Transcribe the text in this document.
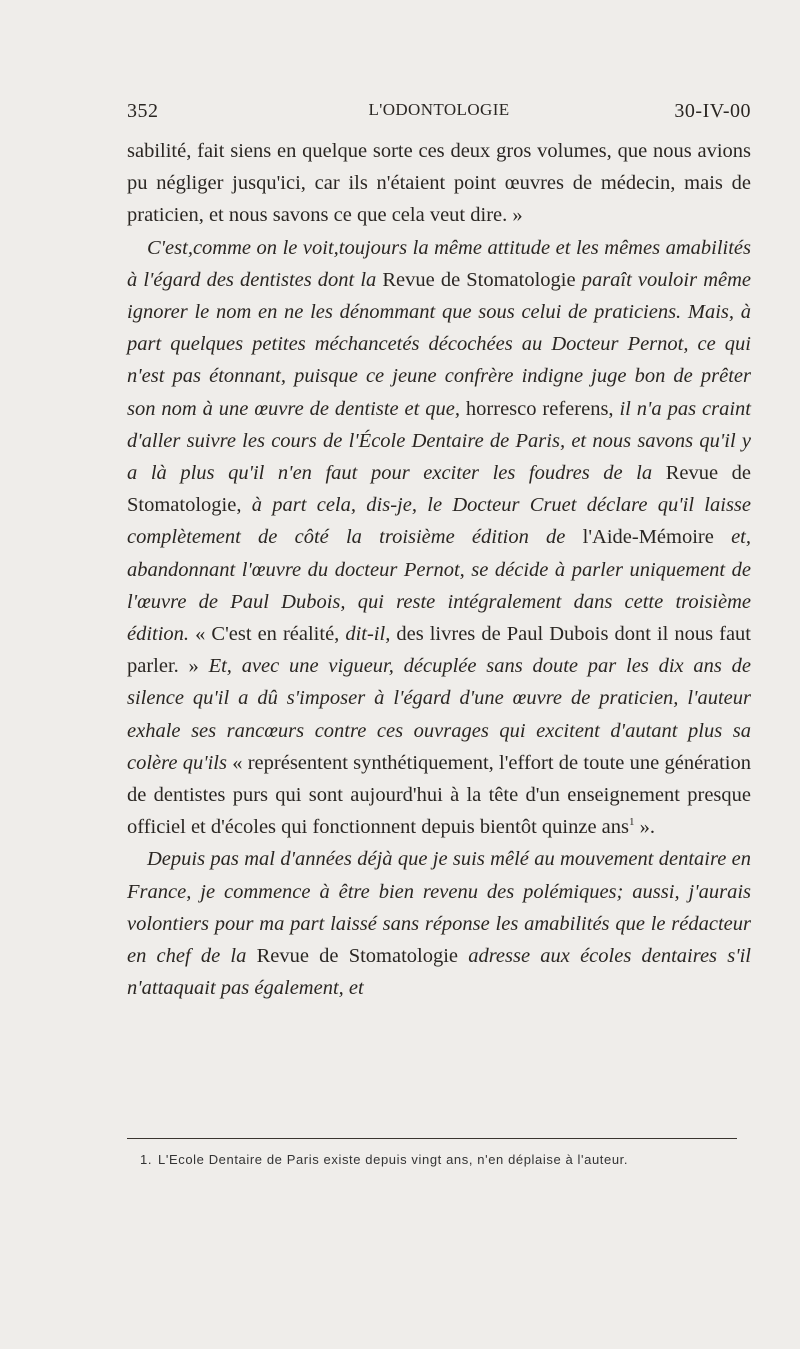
352	L'ODONTOLOGIE	30-IV-00

sabilité, fait siens en quelque sorte ces deux gros volumes, que nous avions pu négliger jusqu'ici, car ils n'étaient point œuvres de médecin, mais de praticien, et nous savons ce que cela veut dire. »

C'est,comme on le voit,toujours la même attitude et les mêmes amabilités à l'égard des dentistes dont la Revue de Stomatologie paraît vouloir même ignorer le nom en ne les dénommant que sous celui de praticiens. Mais, à part quelques petites méchancetés décochées au Docteur Pernot, ce qui n'est pas étonnant, puisque ce jeune confrère indigne juge bon de prêter son nom à une œuvre de dentiste et que, horresco referens, il n'a pas craint d'aller suivre les cours de l'École Dentaire de Paris, et nous savons qu'il y a là plus qu'il n'en faut pour exciter les foudres de la Revue de Stomatologie, à part cela, dis-je, le Docteur Cruet déclare qu'il laisse complètement de côté la troisième édition de l'Aide-Mémoire et, abandonnant l'œuvre du docteur Pernot, se décide à parler uniquement de l'œuvre de Paul Dubois, qui reste intégralement dans cette troisième édition. « C'est en réalité, dit-il, des livres de Paul Dubois dont il nous faut parler. » Et, avec une vigueur, décuplée sans doute par les dix ans de silence qu'il a dû s'imposer à l'égard d'une œuvre de praticien, l'auteur exhale ses rancœurs contre ces ouvrages qui excitent d'autant plus sa colère qu'ils « représentent synthétiquement, l'effort de toute une génération de dentistes purs qui sont aujourd'hui à la tête d'un enseignement presque officiel et d'écoles qui fonctionnent depuis bientôt quinze ans$^1$ ».

Depuis pas mal d'années déjà que je suis mêlé au mouvement dentaire en France, je commence à être bien revenu des polémiques; aussi, j'aurais volontiers pour ma part laissé sans réponse les amabilités que le rédacteur en chef de la Revue de Stomatologie adresse aux écoles dentaires s'il n'attaquait pas également, et

1. L'Ecole Dentaire de Paris existe depuis vingt ans, n'en déplaise à l'auteur.
